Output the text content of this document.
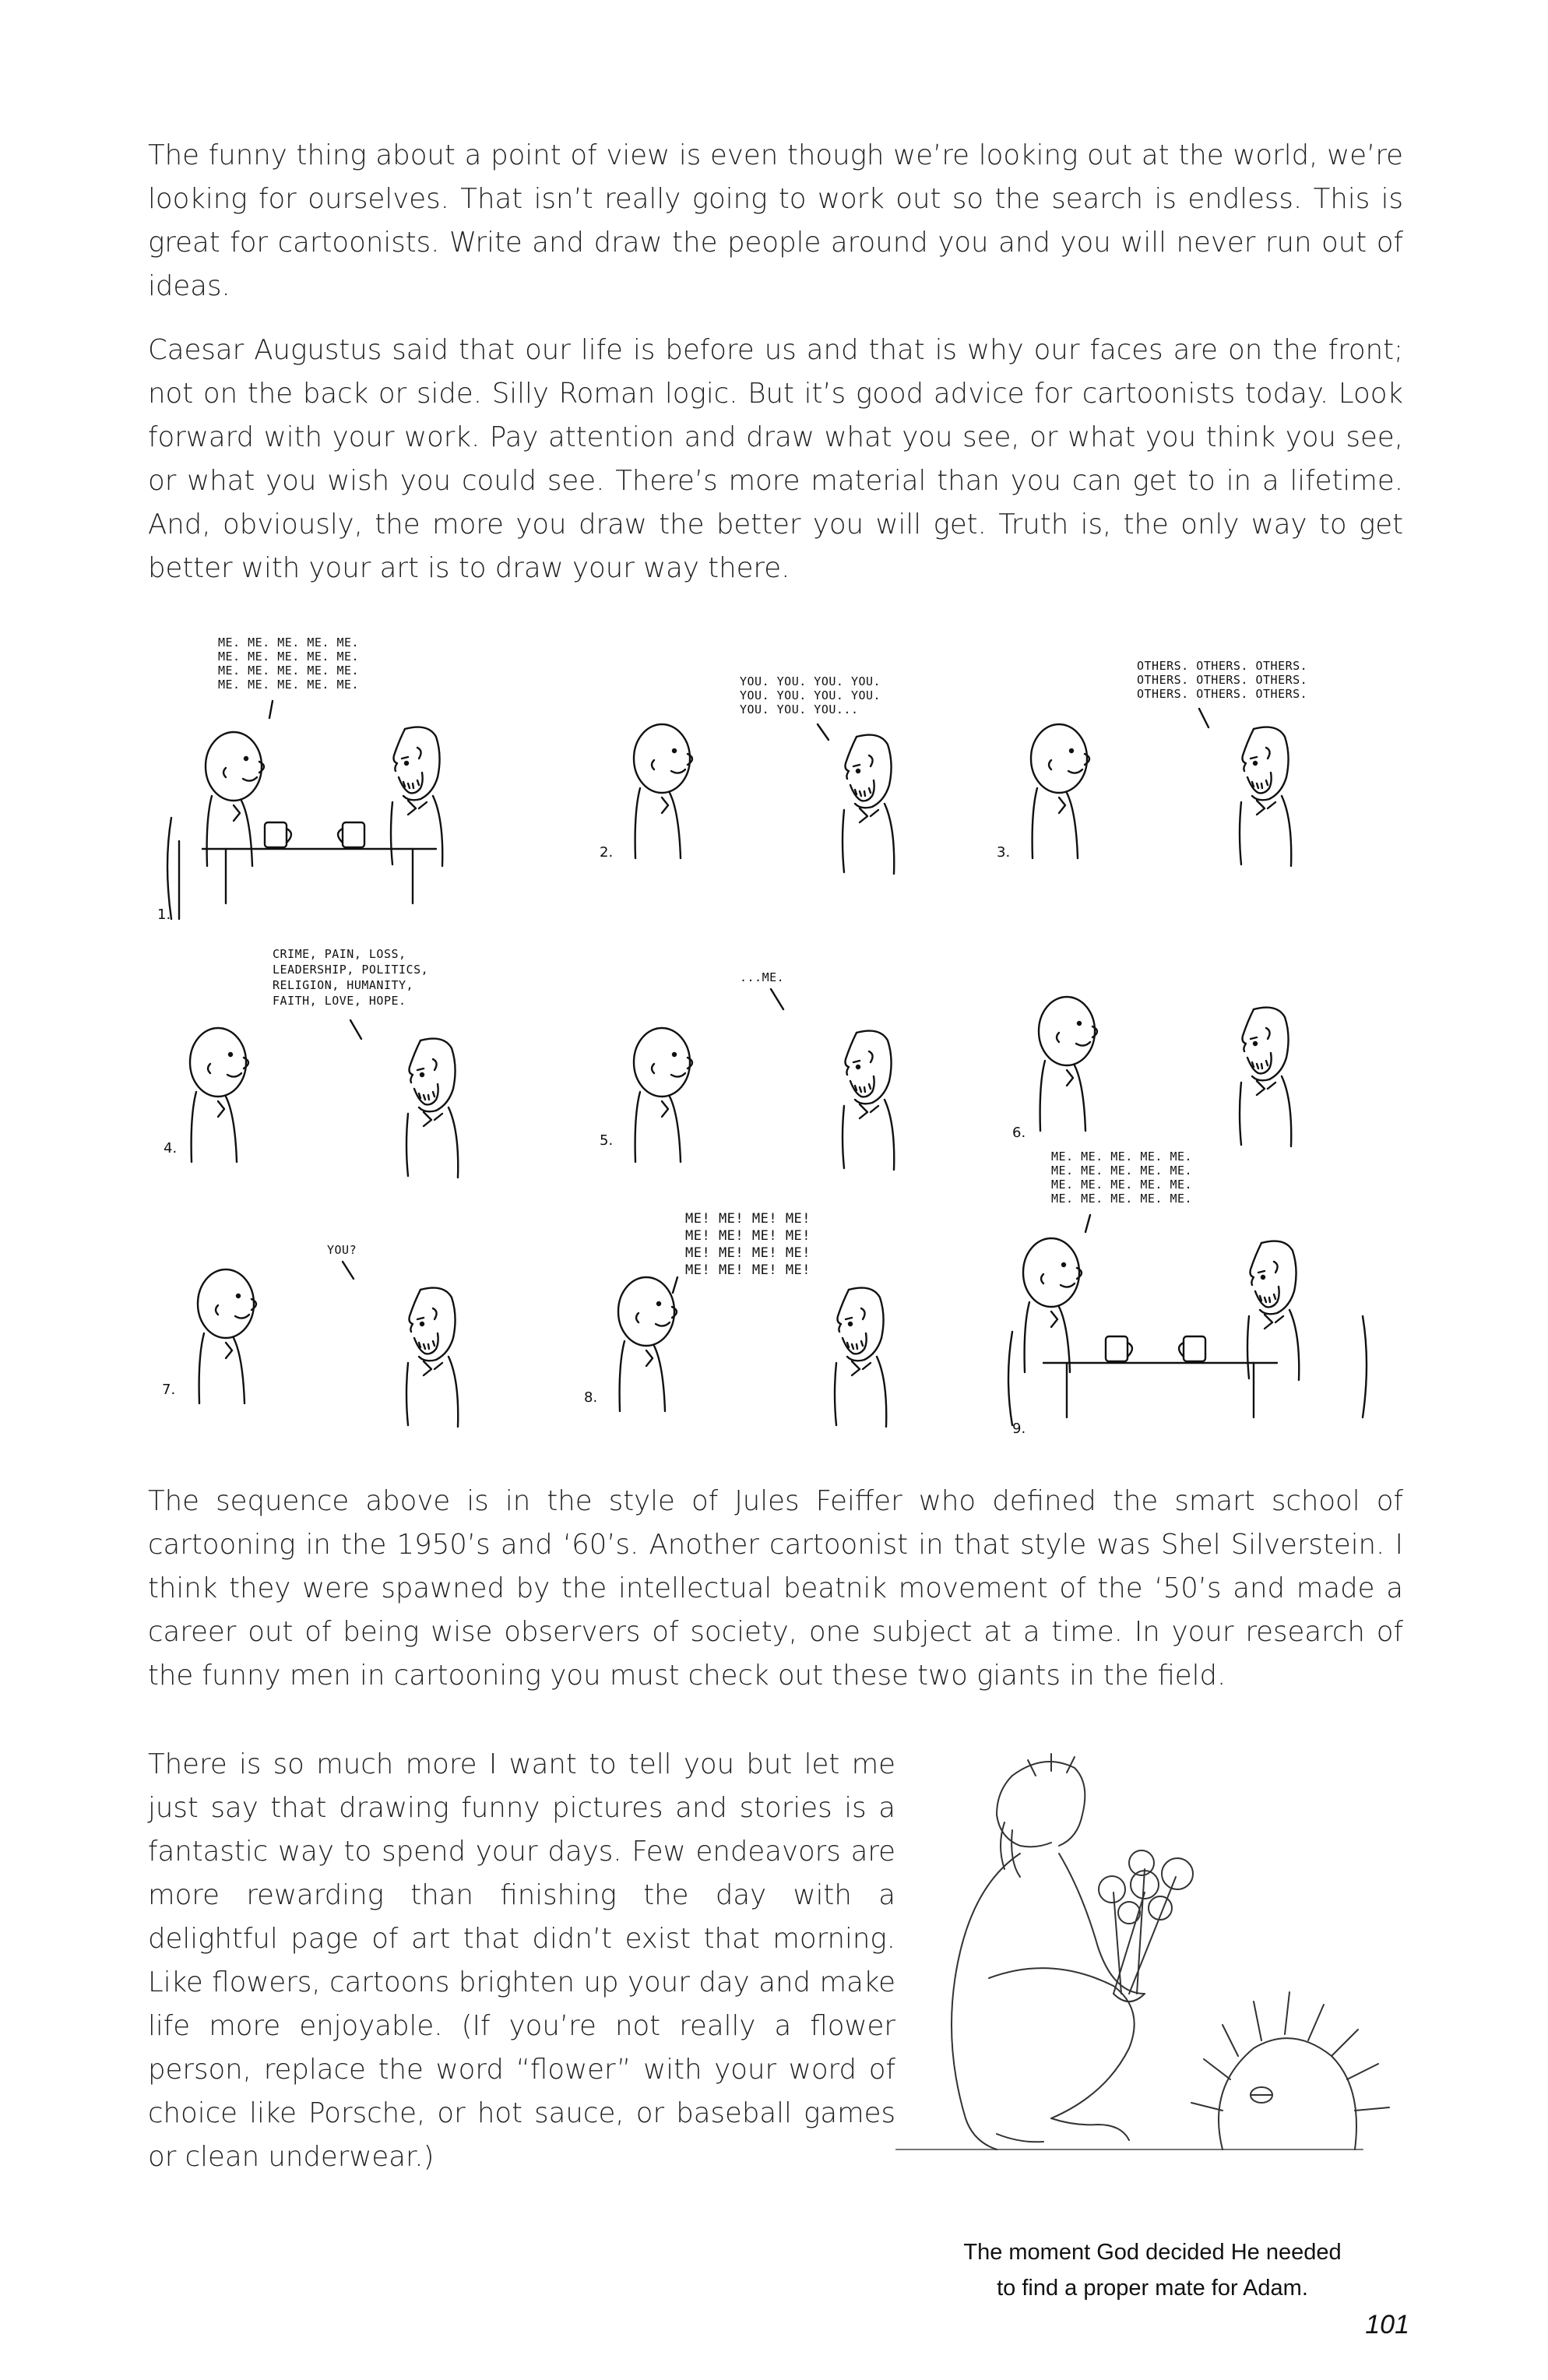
The funny thing about a point of view is even though we’re looking out at the world, we’re looking for ourselves. That isn’t really going to work out so the search is endless. This is great for cartoonists. Write and draw the people around you and you will never run out of ideas.

Caesar Augustus said that our life is before us and that is why our faces are on the front; not on the back or side. Silly Roman logic. But it’s good advice for cartoonists today. Look forward with your work. Pay attention and draw what you see, or what you think you see, or what you wish you could see. There’s more material than you can get to in a lifetime. And, obviously, the more you draw the better you will get. Truth is, the only way to get better with your art is to draw your way there.

ME. ME. ME. ME. ME.
ME. ME. ME. ME. ME.
ME. ME. ME. ME. ME.
ME. ME. ME. ME. ME.
1.
YOU. YOU. YOU. YOU.
YOU. YOU. YOU. YOU.
YOU. YOU. YOU...
2.
OTHERS. OTHERS. OTHERS.
OTHERS. OTHERS. OTHERS.
OTHERS. OTHERS. OTHERS.
3.
CRIME, PAIN, LOSS,
LEADERSHIP, POLITICS,
RELIGION, HUMANITY,
FAITH, LOVE, HOPE.
4.
...ME.
5.	6.
YOU?
7.
ME! ME! ME! ME!
ME! ME! ME! ME!
ME! ME! ME! ME!
ME! ME! ME! ME!
8.
ME. ME. ME. ME. ME.
ME. ME. ME. ME. ME.
ME. ME. ME. ME. ME.
ME. ME. ME. ME. ME.
9.

The sequence above is in the style of Jules Feiffer who defined the smart school of cartooning in the 1950’s and ‘60’s. Another cartoonist in that style was Shel Silverstein. I think they were spawned by the intellectual beatnik movement of the ‘50’s and made a career out of being wise observers of society, one subject at a time. In your research of the funny men in cartooning you must check out these two giants in the field.

There is so much more I want to tell you but let me just say that drawing funny pictures and stories is a fantastic way to spend your days. Few endeavors are more rewarding than finishing the day with a delightful page of art that didn’t exist that morning. Like flowers, cartoons brighten up your day and make life more enjoyable. (If you’re not really a flower person, replace the word “flower” with your word of choice like Porsche, or hot sauce, or baseball games or clean underwear.)

The moment God decided He needed
to find a proper mate for Adam.
101
